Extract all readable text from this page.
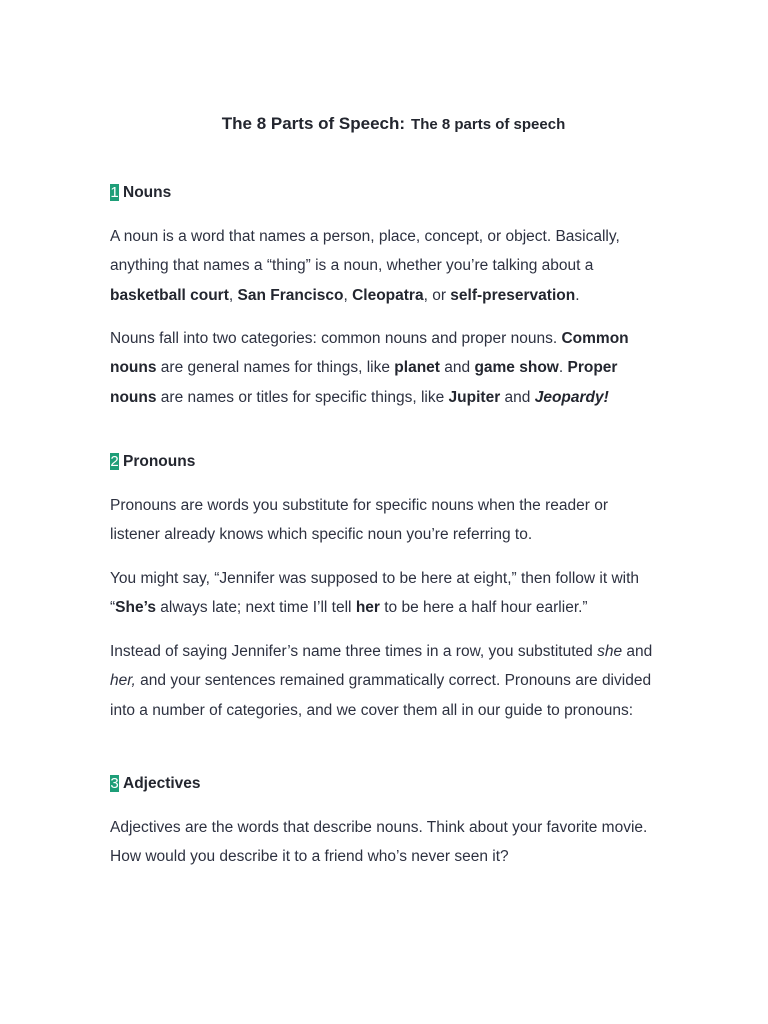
The 8 Parts of Speech: The 8 parts of speech
1 Nouns

A noun is a word that names a person, place, concept, or object. Basically, anything that names a “thing” is a noun, whether you’re talking about a basketball court, San Francisco, Cleopatra, or self-preservation.

Nouns fall into two categories: common nouns and proper nouns. Common nouns are general names for things, like planet and game show. Proper nouns are names or titles for specific things, like Jupiter and Jeopardy!

2 Pronouns

Pronouns are words you substitute for specific nouns when the reader or listener already knows which specific noun you’re referring to.

You might say, “Jennifer was supposed to be here at eight,” then follow it with “She’s always late; next time I’ll tell her to be here a half hour earlier.”

Instead of saying Jennifer’s name three times in a row, you substituted she and her, and your sentences remained grammatically correct. Pronouns are divided into a number of categories, and we cover them all in our guide to pronouns:

3 Adjectives

Adjectives are the words that describe nouns. Think about your favorite movie. How would you describe it to a friend who’s never seen it?
